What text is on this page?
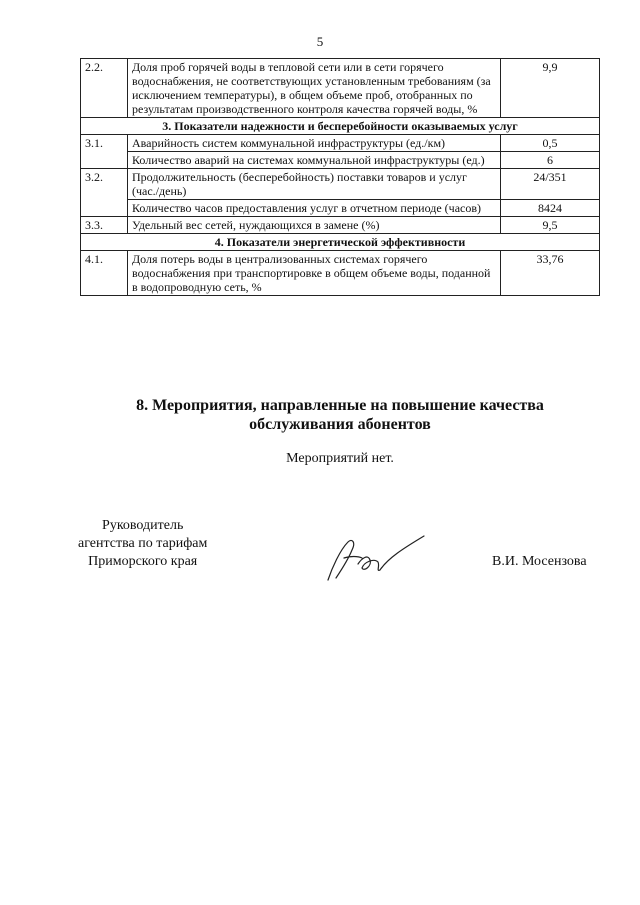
5
2.2.	Доля проб горячей воды в тепловой сети или в сети горячего водоснабжения, не соответствующих установленным требованиям (за исключением температуры), в общем объеме проб, отобранных по результатам производственного контроля качества горячей воды, %	9,9
3. Показатели надежности и бесперебойности оказываемых услуг		
3.1.	Аварийность систем коммунальной инфраструктуры (ед./км)	0,5
	Количество аварий на системах коммунальной инфраструктуры (ед.)	6
3.2.	Продолжительность (бесперебойность) поставки товаров и услуг (час./день)	24/351
	Количество часов предоставления услуг в отчетном периоде (часов)	8424
3.3.	Удельный вес сетей, нуждающихся в замене (%)	9,5
4. Показатели энергетической эффективности		
4.1.	Доля потерь воды в централизованных системах горячего водоснабжения при транспортировке в общем объеме воды, поданной в водопроводную сеть, %	33,76
8. Мероприятия, направленные на повышение качества
обслуживания абонентов
Мероприятий нет.
Руководитель
агентства по тарифам
Приморского края	В.И. Мосензова
